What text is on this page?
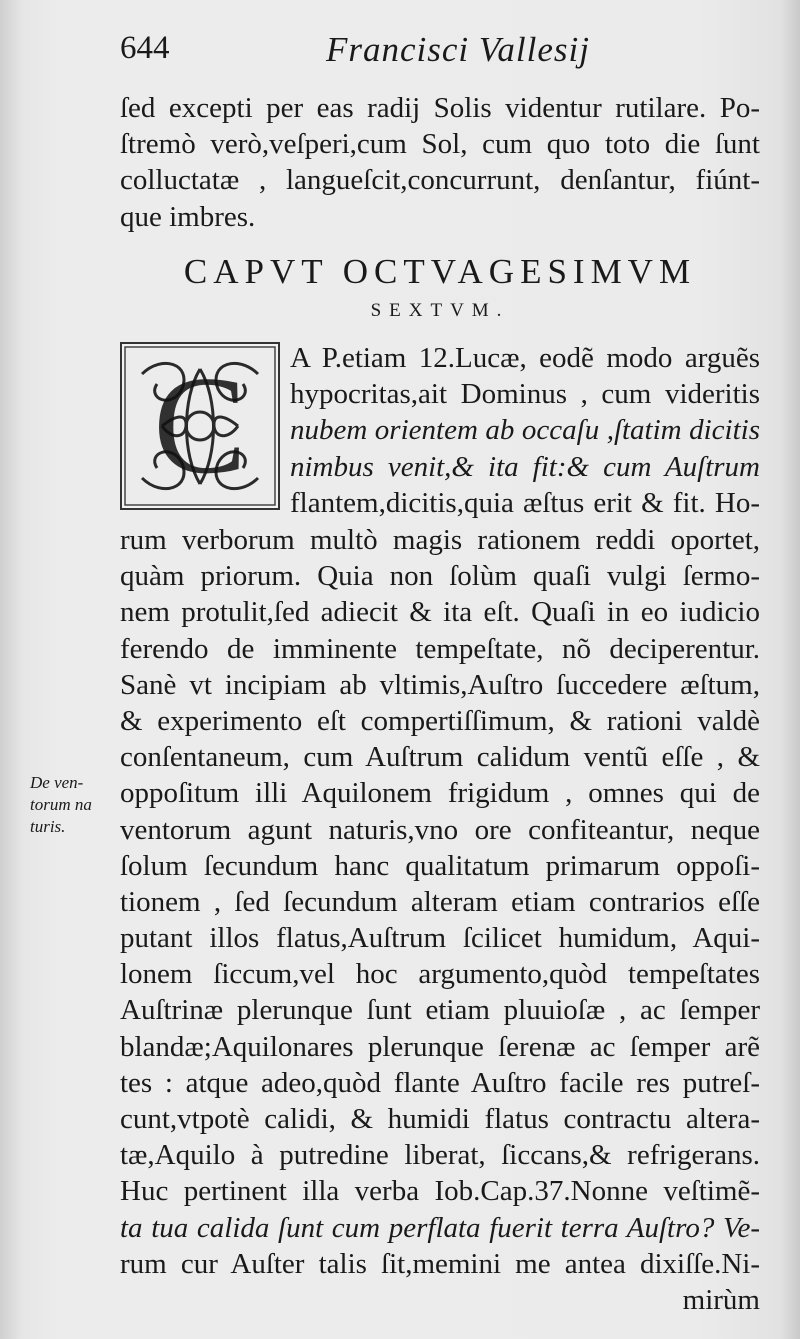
644	Francisci Vallesij
ſed excepti per eas radij Solis videntur rutilare. Po-
ſtremò verò,veſperi,cum Sol, cum quo toto die ſunt
colluctatæ , langueſcit,concurrunt, denſantur, fiúnt-
que imbres.
CAPVT OCTVAGESIMVM
SEXTVM.
C A P.etiam 12.Lucæ, eodẽ modo arguẽs
hypocritas,ait Dominus , cum videritis
nubem orientem ab occaſu ,ſtatim dicitis
nimbus venit,& ita fit:& cum Auſtrum
flantem,dicitis,quia æſtus erit & fit. Ho-
rum verborum multò magis rationem reddi oportet,
quàm priorum. Quia non ſolùm quaſi vulgi ſermo-
nem protulit,ſed adiecit & ita eſt. Quaſi in eo iudicio
ferendo de imminente tempeſtate, nõ deciperentur.
Sanè vt incipiam ab vltimis,Auſtro ſuccedere æſtum,
& experimento eſt compertiſſimum, & rationi valdè
conſentaneum, cum Auſtrum calidum ventũ eſſe , &
oppoſitum illi Aquilonem frigidum , omnes qui de
ventorum agunt naturis,vno ore confiteantur, neque
ſolum ſecundum hanc qualitatum primarum oppoſi-
tionem , ſed ſecundum alteram etiam contrarios eſſe
putant illos flatus,Auſtrum ſcilicet humidum, Aqui-
lonem ſiccum,vel hoc argumento,quòd tempeſtates
Auſtrinæ plerunque ſunt etiam pluuioſæ , ac ſemper
blandæ;Aquilonares plerunque ſerenæ ac ſemper arẽ
tes : atque adeo,quòd flante Auſtro facile res putreſ-
cunt,vtpotè calidi, & humidi flatus contractu altera-
tæ,Aquilo à putredine liberat, ſiccans,& refrigerans.
Huc pertinent illa verba Iob.Cap.37.Nonne veſtimẽ-
ta tua calida ſunt cum perflata fuerit terra Auſtro? Ve-
rum cur Auſter talis ſit,memini me antea dixiſſe.Ni-
mirùm
De ven-
torum na
turis.
